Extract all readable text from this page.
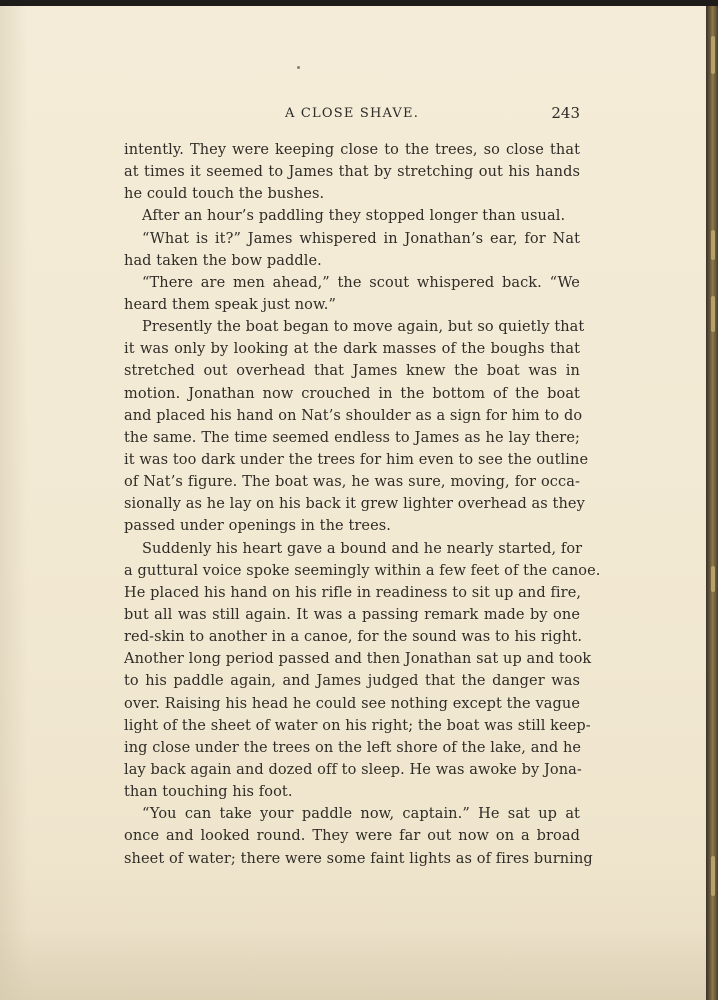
A CLOSE SHAVE.	243
intently. They were keeping close to the trees, so close that
at times it seemed to James that by stretching out his hands
he could touch the bushes.
After an hour’s paddling they stopped longer than usual.
“What is it?” James whispered in Jonathan’s ear, for Nat
had taken the bow paddle.
“There are men ahead,” the scout whispered back. “We
heard them speak just now.”
Presently the boat began to move again, but so quietly that
it was only by looking at the dark masses of the boughs that
stretched out overhead that James knew the boat was in
motion. Jonathan now crouched in the bottom of the boat
and placed his hand on Nat’s shoulder as a sign for him to do
the same. The time seemed endless to James as he lay there;
it was too dark under the trees for him even to see the outline
of Nat’s figure. The boat was, he was sure, moving, for occa-
sionally as he lay on his back it grew lighter overhead as they
passed under openings in the trees.
Suddenly his heart gave a bound and he nearly started, for
a guttural voice spoke seemingly within a few feet of the canoe.
He placed his hand on his rifle in readiness to sit up and fire,
but all was still again. It was a passing remark made by one
red-skin to another in a canoe, for the sound was to his right.
Another long period passed and then Jonathan sat up and took
to his paddle again, and James judged that the danger was
over. Raising his head he could see nothing except the vague
light of the sheet of water on his right; the boat was still keep-
ing close under the trees on the left shore of the lake, and he
lay back again and dozed off to sleep. He was awoke by Jona-
than touching his foot.
“You can take your paddle now, captain.” He sat up at
once and looked round. They were far out now on a broad
sheet of water; there were some faint lights as of fires burning
